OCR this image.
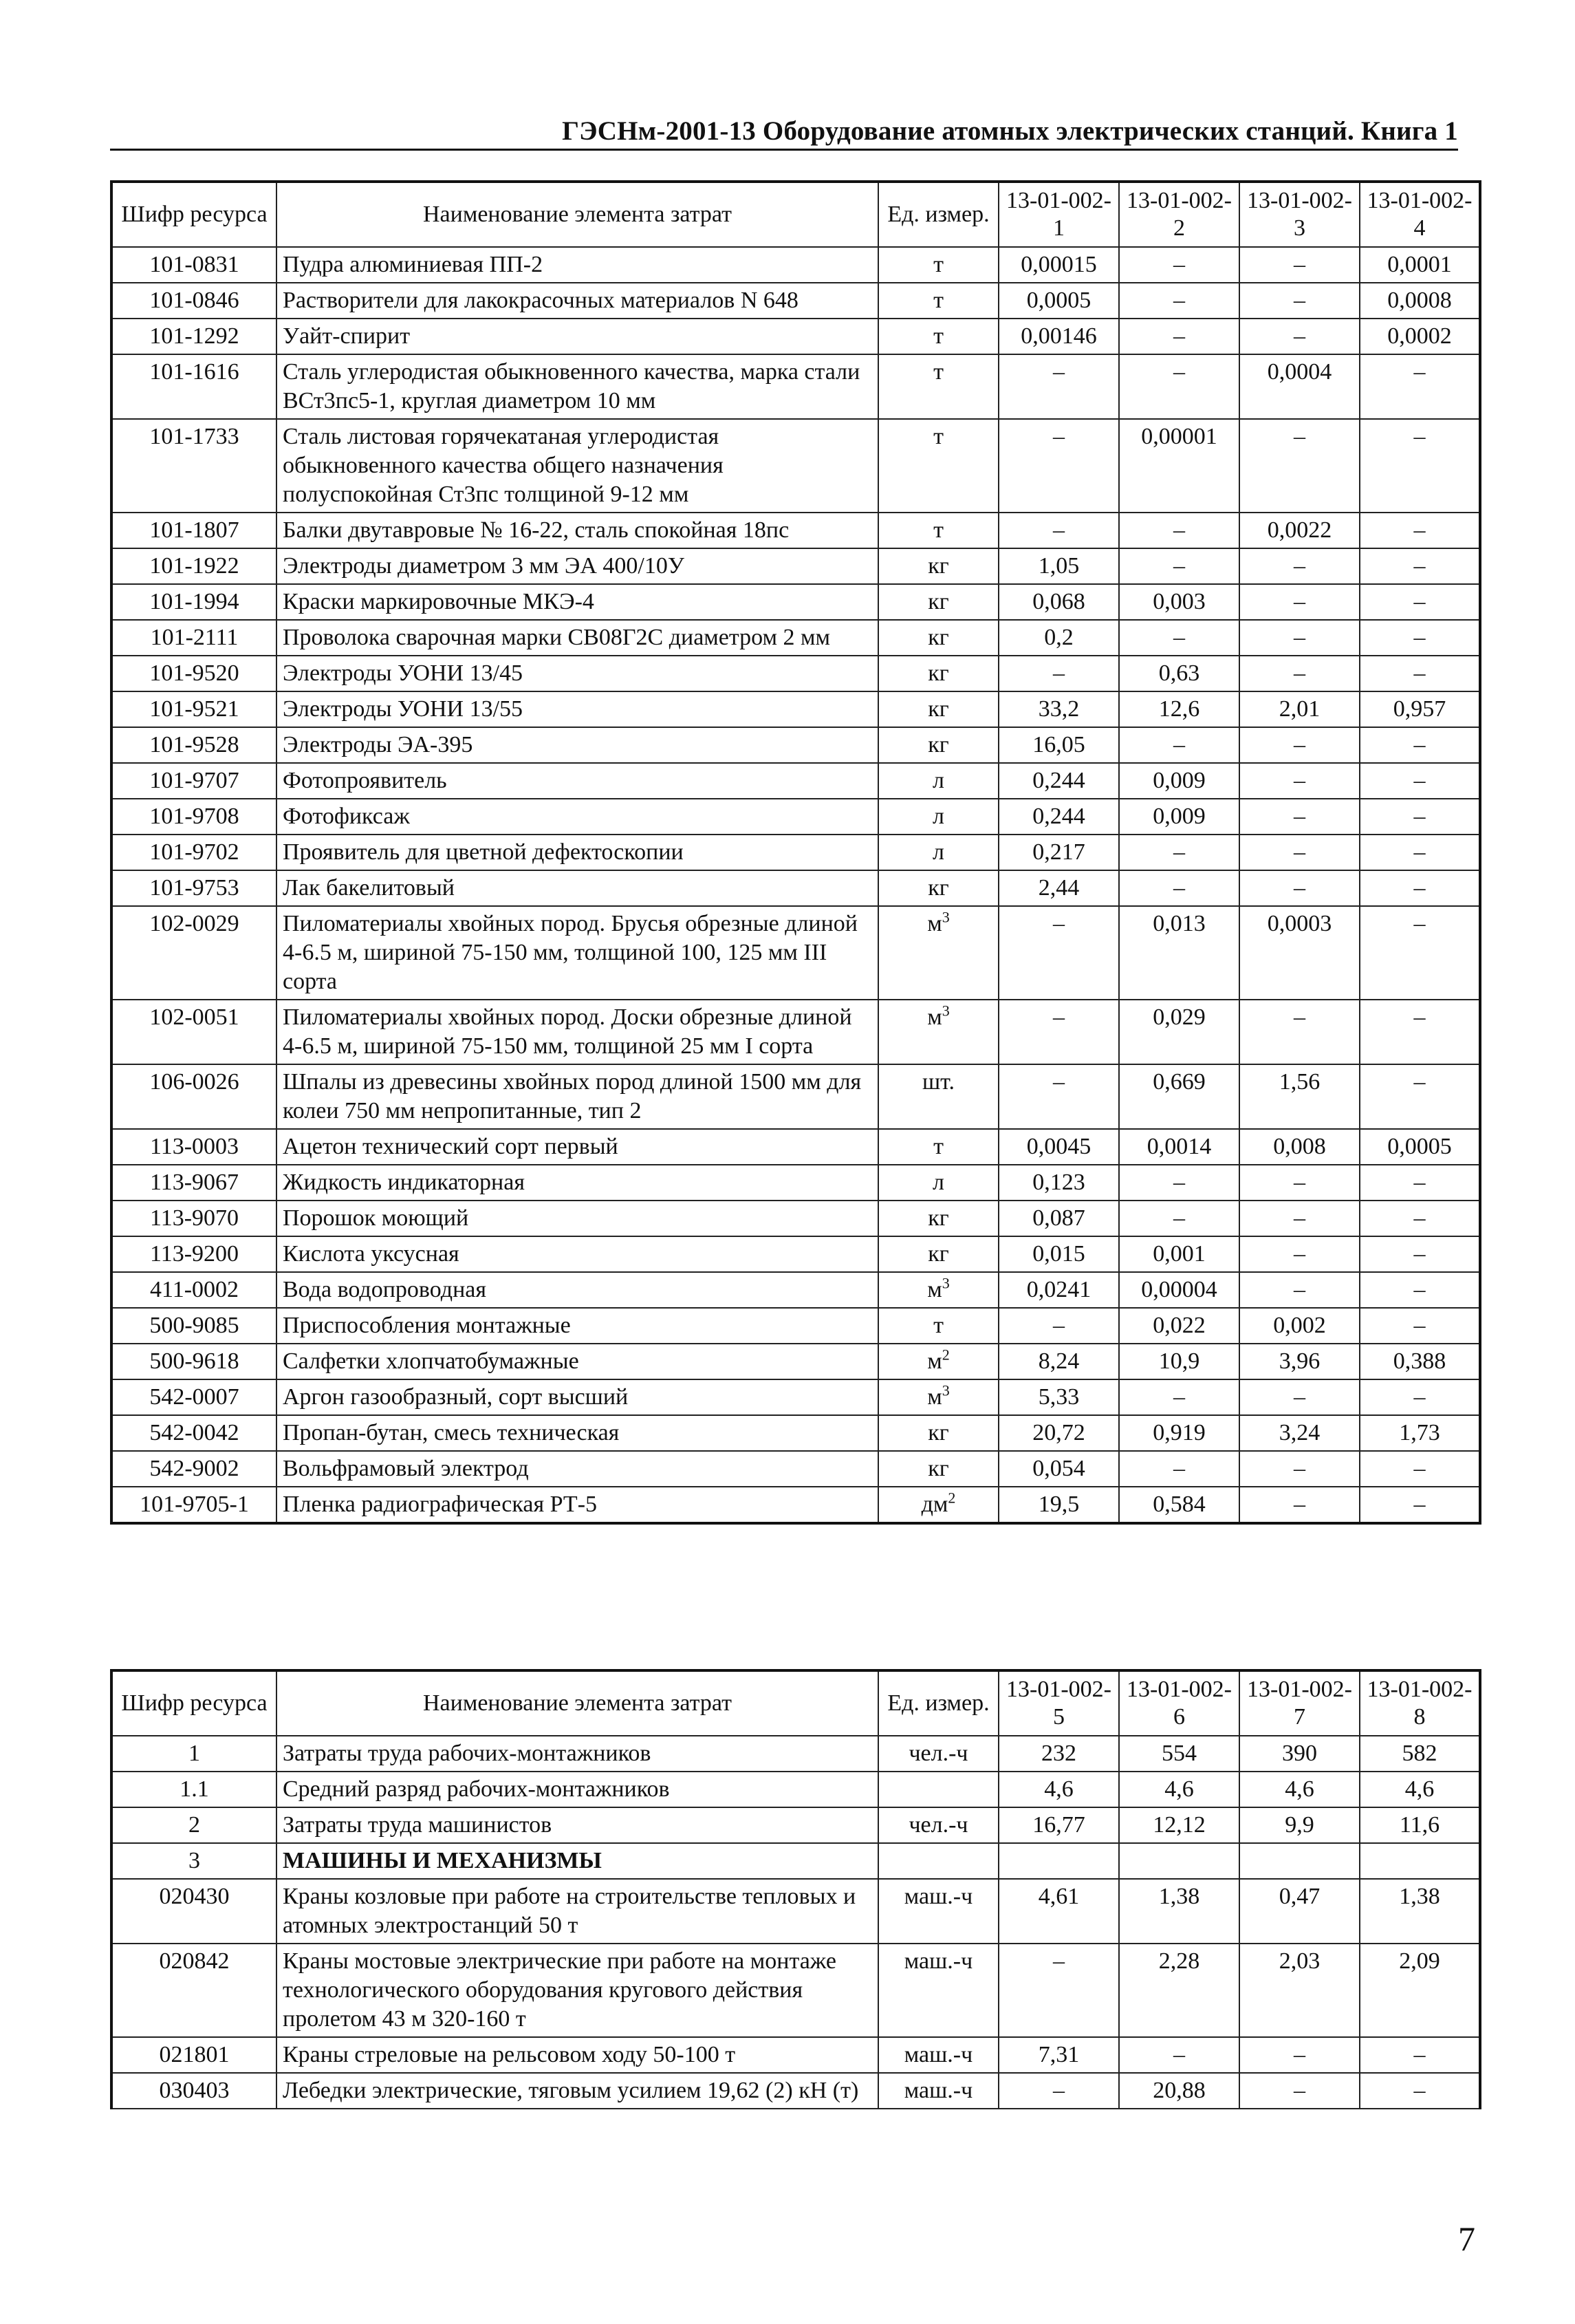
ГЭСНм-2001-13 Оборудование атомных электрических станций. Книга 1
Шифр ресурса	Наименование элемента затрат	Ед. измер.	13-01-002-1	13-01-002-2	13-01-002-3	13-01-002-4
101-0831	Пудра алюминиевая ПП-2	т	0,00015	–	–	0,0001
101-0846	Растворители для лакокрасочных материалов N 648	т	0,0005	–	–	0,0008
101-1292	Уайт-спирит	т	0,00146	–	–	0,0002
101-1616	Сталь углеродистая обыкновенного качества, марка стали ВСт3пс5-1, круглая диаметром 10 мм	т	–	–	0,0004	–
101-1733	Сталь листовая горячекатаная углеродистая обыкновенного качества общего назначения полуспокойная Ст3пс толщиной 9-12 мм	т	–	0,00001	–	–
101-1807	Балки двутавровые № 16-22, сталь спокойная 18пс	т	–	–	0,0022	–
101-1922	Электроды диаметром 3 мм ЭА 400/10У	кг	1,05	–	–	–
101-1994	Краски маркировочные МКЭ-4	кг	0,068	0,003	–	–
101-2111	Проволока сварочная марки СВ08Г2С диаметром 2 мм	кг	0,2	–	–	–
101-9520	Электроды УОНИ 13/45	кг	–	0,63	–	–
101-9521	Электроды УОНИ 13/55	кг	33,2	12,6	2,01	0,957
101-9528	Электроды ЭА-395	кг	16,05	–	–	–
101-9707	Фотопроявитель	л	0,244	0,009	–	–
101-9708	Фотофиксаж	л	0,244	0,009	–	–
101-9702	Проявитель для цветной дефектоскопии	л	0,217	–	–	–
101-9753	Лак бакелитовый	кг	2,44	–	–	–
102-0029	Пиломатериалы хвойных пород. Брусья обрезные длиной 4-6.5 м, шириной 75-150 мм, толщиной 100, 125 мм III сорта	$м^3$	–	0,013	0,0003	–
102-0051	Пиломатериалы хвойных пород. Доски обрезные длиной 4-6.5 м, шириной 75-150 мм, толщиной 25 мм I сорта	$м^3$	–	0,029	–	–
106-0026	Шпалы из древесины хвойных пород длиной 1500 мм для колеи 750 мм непропитанные, тип 2	шт.	–	0,669	1,56	–
113-0003	Ацетон технический сорт первый	т	0,0045	0,0014	0,008	0,0005
113-9067	Жидкость индикаторная	л	0,123	–	–	–
113-9070	Порошок моющий	кг	0,087	–	–	–
113-9200	Кислота уксусная	кг	0,015	0,001	–	–
411-0002	Вода водопроводная	$м^3$	0,0241	0,00004	–	–
500-9085	Приспособления монтажные	т	–	0,022	0,002	–
500-9618	Салфетки хлопчатобумажные	$м^2$	8,24	10,9	3,96	0,388
542-0007	Аргон газообразный, сорт высший	$м^3$	5,33	–	–	–
542-0042	Пропан-бутан, смесь техническая	кг	20,72	0,919	3,24	1,73
542-9002	Вольфрамовый электрод	кг	0,054	–	–	–
101-9705-1	Пленка радиографическая РТ-5	$дм^2$	19,5	0,584	–	–
Шифр ресурса	Наименование элемента затрат	Ед. измер.	13-01-002-5	13-01-002-6	13-01-002-7	13-01-002-8
1	Затраты труда рабочих-монтажников	чел.-ч	232	554	390	582
1.1	Средний разряд рабочих-монтажников		4,6	4,6	4,6	4,6
2	Затраты труда машинистов	чел.-ч	16,77	12,12	9,9	11,6
3	МАШИНЫ И МЕХАНИЗМЫ					
020430	Краны козловые при работе на строительстве тепловых и атомных электростанций 50 т	маш.-ч	4,61	1,38	0,47	1,38
020842	Краны мостовые электрические при работе на монтаже технологического оборудования кругового действия пролетом 43 м 320-160 т	маш.-ч	–	2,28	2,03	2,09
021801	Краны стреловые на рельсовом ходу 50-100 т	маш.-ч	7,31	–	–	–
030403	Лебедки электрические, тяговым усилием 19,62 (2) кН (т)	маш.-ч	–	20,88	–	–
7
